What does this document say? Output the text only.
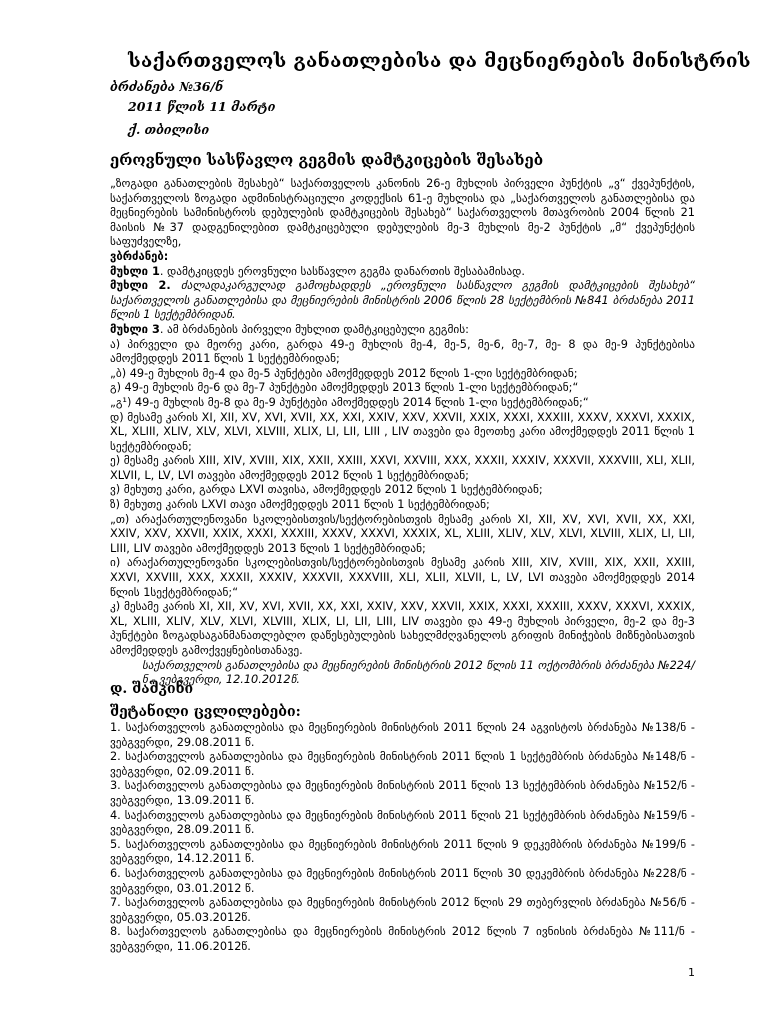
საქართველოს განათლებისა და მეცნიერების მინისტრის
ბრძანება №36/ნ
2011 წლის 11 მარტი
ქ. თბილისი
ეროვნული სასწავლო გეგმის დამტკიცების შესახებ

„ზოგადი განათლების შესახებ“ საქართველოს კანონის 26-ე მუხლის პირველი პუნქტის „ვ“ ქვეპუნქტის, საქართველოს ზოგადი ადმინისტრაციული კოდექსის 61-ე მუხლისა და „საქართველოს განათლებისა და მეცნიერების სამინისტროს დებულების დამტკიცების შესახებ“ საქართველოს მთავრობის 2004 წლის 21 მაისის №37 დადგენილებით დამტკიცებული დებულების მე-3 მუხლის მე-2 პუნქტის „მ“ ქვეპუნქტის საფუძველზე,

ვბრძანებ:

მუხლი 1. დამტკიცდეს ეროვნული სასწავლო გეგმა დანართის შესაბამისად.

მუხლი 2. ძალადაკარგულად გამოცხადდეს „ეროვნული სასწავლო გეგმის დამტკიცების შესახებ“ საქართველოს განათლებისა და მეცნიერების მინისტრის 2006 წლის 28 სექტემბრის №841 ბრძანება 2011 წლის 1 სექტემბრიდან.

მუხლი 3. ამ ბრძანების პირველი მუხლით დამტკიცებული გეგმის:

ა) პირველი და მეორე კარი, გარდა 49-ე მუხლის მე-4, მე-5, მე-6, მე-7, მე- 8 და მე-9 პუნქტებისა ამოქმედდეს 2011 წლის 1 სექტემბრიდან;

„ბ) 49-ე მუხლის მე-4 და მე-5 პუნქტები ამოქმედდეს 2012 წლის 1-ლი სექტემბრიდან;

გ) 49-ე მუხლის მე-6 და მე-7 პუნქტები ამოქმედდეს 2013 წლის 1-ლი სექტემბრიდან;“

„გ¹) 49-ე მუხლის მე-8 და მე-9 პუნქტები ამოქმედდეს 2014 წლის 1-ლი სექტემბრიდან;“

დ) მესამე კარის XI, XII, XV, XVI, XVII, XX, XXI, XXIV, XXV, XXVII, XXIX, XXXI, XXXIII, XXXV, XXXVI, XXXIX, XL, XLIII, XLIV, XLV, XLVI, XLVIII, XLIX, LI, LII, LIII , LIV თავები და მეოთხე კარი ამოქმედდეს 2011 წლის 1 სექტემბრიდან;

ე) მესამე კარის XIII, XIV, XVIII, XIX, XXII, XXIII, XXVI, XXVIII, XXX, XXXII, XXXIV, XXXVII, XXXVIII, XLI, XLII, XLVII, L, LV, LVI თავები ამოქმედდეს 2012 წლის 1 სექტემბრიდან;

ვ) მეხუთე კარი, გარდა LXVI თავისა, ამოქმედდეს 2012 წლის 1 სექტემბრიდან;

ზ) მეხუთე კარის LXVI თავი ამოქმედდეს 2011 წლის 1 სექტემბრიდან;

„თ) არაქართულენოვანი სკოლებისთვის/სექტორებისთვის მესამე კარის XI, XII, XV, XVI, XVII, XX, XXI, XXIV, XXV, XXVII, XXIX, XXXI, XXXIII, XXXV, XXXVI, XXXIX, XL, XLIII, XLIV, XLV, XLVI, XLVIII, XLIX, LI, LII, LIII, LIV თავები ამოქმედდეს 2013 წლის 1 სექტემბრიდან;

ი) არაქართულენოვანი სკოლებისთვის/სექტორებისთვის მესამე კარის XIII, XIV, XVIII, XIX, XXII, XXIII, XXVI, XXVIII, XXX, XXXII, XXXIV, XXXVII, XXXVIII, XLI, XLII, XLVII, L, LV, LVI თავები ამოქმედდეს 2014 წლის 1სექტემბრიდან;“

კ) მესამე კარის XI, XII, XV, XVI, XVII, XX, XXI, XXIV, XXV, XXVII, XXIX, XXXI, XXXIII, XXXV, XXXVI, XXXIX, XL, XLIII, XLIV, XLV, XLVI, XLVIII, XLIX, LI, LII, LIII, LIV თავები და 49-ე მუხლის პირველი, მე-2 და მე-3 პუნქტები ზოგადსაგანმანათლებლო დაწესებულების სახელმძღვანელოს გრიფის მინიჭების მიზნებისათვის ამოქმედდეს გამოქვეყნებისთანავე.

საქართველოს განათლებისა და მეცნიერების მინისტრის 2012 წლის 11 ოქტომბრის ბრძანება №224/ნ - ვებგვერდი, 12.10.2012წ.

დ. შაშკინი
შეტანილი ცვლილებები:

1. საქართველოს განათლებისა და მეცნიერების მინისტრის 2011 წლის 24 აგვისტოს ბრძანება №138/ნ - ვებგვერდი, 29.08.2011 წ.

2. საქართველოს განათლებისა და მეცნიერების მინისტრის 2011 წლის 1 სექტემბრის ბრძანება №148/ნ - ვებგვერდი, 02.09.2011 წ.

3. საქართველოს განათლებისა და მეცნიერების მინისტრის 2011 წლის 13 სექტემბრის ბრძანება №152/ნ - ვებგვერდი, 13.09.2011 წ.

4. საქართველოს განათლებისა და მეცნიერების მინისტრის 2011 წლის 21 სექტემბრის ბრძანება №159/ნ - ვებგვერდი, 28.09.2011 წ.

5. საქართველოს განათლებისა და მეცნიერების მინისტრის 2011 წლის 9 დეკემბრის ბრძანება №199/ნ - ვებგვერდი, 14.12.2011 წ.

6. საქართველოს განათლებისა და მეცნიერების მინისტრის 2011 წლის 30 დეკემბრის ბრძანება №228/ნ - ვებგვერდი, 03.01.2012 წ.

7. საქართველოს განათლებისა და მეცნიერების მინისტრის 2012 წლის 29 თებერვლის ბრძანება №56/ნ - ვებგვერდი, 05.03.2012წ.

8. საქართველოს განათლებისა და მეცნიერების მინისტრის 2012 წლის 7 ივნისის ბრძანება №111/ნ - ვებგვერდი, 11.06.2012წ.

1
